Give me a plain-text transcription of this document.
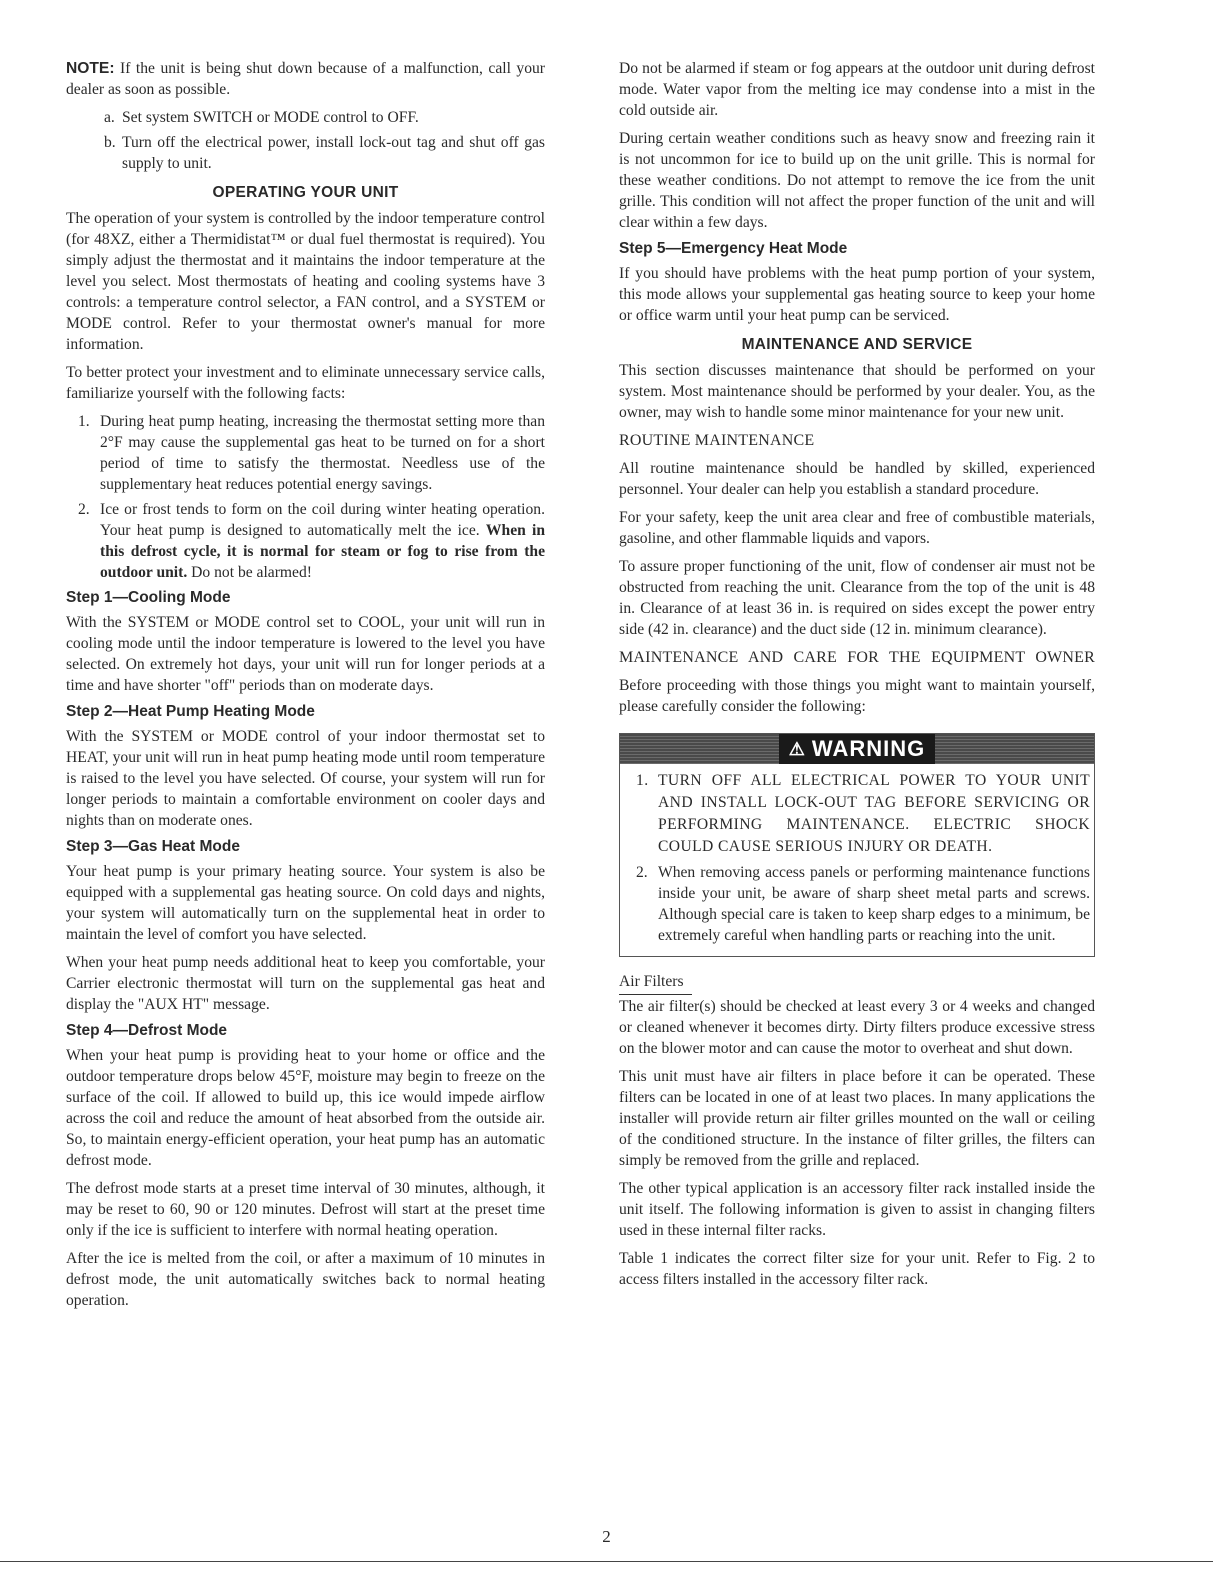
NOTE: If the unit is being shut down because of a malfunction, call your dealer as soon as possible.

a. Set system SWITCH or MODE control to OFF.
b. Turn off the electrical power, install lock-out tag and shut off gas supply to unit.
OPERATING YOUR UNIT

The operation of your system is controlled by the indoor temperature control (for 48XZ, either a Thermidistat™ or dual fuel thermostat is required). You simply adjust the thermostat and it maintains the indoor temperature at the level you select. Most thermostats of heating and cooling systems have 3 controls: a temperature control selector, a FAN control, and a SYSTEM or MODE control. Refer to your thermostat owner's manual for more information.

To better protect your investment and to eliminate unnecessary service calls, familiarize yourself with the following facts:

1. During heat pump heating, increasing the thermostat setting more than 2°F may cause the supplemental gas heat to be turned on for a short period of time to satisfy the thermostat. Needless use of the supplementary heat reduces potential energy savings.
2. Ice or frost tends to form on the coil during winter heating operation. Your heat pump is designed to automatically melt the ice. When in this defrost cycle, it is normal for steam or fog to rise from the outdoor unit. Do not be alarmed!
Step 1—Cooling Mode

With the SYSTEM or MODE control set to COOL, your unit will run in cooling mode until the indoor temperature is lowered to the level you have selected. On extremely hot days, your unit will run for longer periods at a time and have shorter "off" periods than on moderate days.

Step 2—Heat Pump Heating Mode

With the SYSTEM or MODE control of your indoor thermostat set to HEAT, your unit will run in heat pump heating mode until room temperature is raised to the level you have selected. Of course, your system will run for longer periods to maintain a comfortable environment on cooler days and nights than on moderate ones.

Step 3—Gas Heat Mode

Your heat pump is your primary heating source. Your system is also be equipped with a supplemental gas heating source. On cold days and nights, your system will automatically turn on the supplemental heat in order to maintain the level of comfort you have selected.

When your heat pump needs additional heat to keep you comfortable, your Carrier electronic thermostat will turn on the supplemental gas heat and display the "AUX HT" message.

Step 4—Defrost Mode

When your heat pump is providing heat to your home or office and the outdoor temperature drops below 45°F, moisture may begin to freeze on the surface of the coil. If allowed to build up, this ice would impede airflow across the coil and reduce the amount of heat absorbed from the outside air. So, to maintain energy-efficient operation, your heat pump has an automatic defrost mode.

The defrost mode starts at a preset time interval of 30 minutes, although, it may be reset to 60, 90 or 120 minutes. Defrost will start at the preset time only if the ice is sufficient to interfere with normal heating operation.

After the ice is melted from the coil, or after a maximum of 10 minutes in defrost mode, the unit automatically switches back to normal heating operation.

Do not be alarmed if steam or fog appears at the outdoor unit during defrost mode. Water vapor from the melting ice may condense into a mist in the cold outside air.

During certain weather conditions such as heavy snow and freezing rain it is not uncommon for ice to build up on the unit grille. This is normal for these weather conditions. Do not attempt to remove the ice from the unit grille. This condition will not affect the proper function of the unit and will clear within a few days.

Step 5—Emergency Heat Mode

If you should have problems with the heat pump portion of your system, this mode allows your supplemental gas heating source to keep your home or office warm until your heat pump can be serviced.

MAINTENANCE AND SERVICE

This section discusses maintenance that should be performed on your system. Most maintenance should be performed by your dealer. You, as the owner, may wish to handle some minor maintenance for your new unit.

ROUTINE MAINTENANCE

All routine maintenance should be handled by skilled, experienced personnel. Your dealer can help you establish a standard procedure.

For your safety, keep the unit area clear and free of combustible materials, gasoline, and other flammable liquids and vapors.

To assure proper functioning of the unit, flow of condenser air must not be obstructed from reaching the unit. Clearance from the top of the unit is 48 in. Clearance of at least 36 in. is required on sides except the power entry side (42 in. clearance) and the duct side (12 in. minimum clearance).

MAINTENANCE AND CARE FOR THE EQUIPMENT OWNER

Before proceeding with those things you might want to maintain yourself, please carefully consider the following:

⚠ WARNING
1. TURN OFF ALL ELECTRICAL POWER TO YOUR UNIT AND INSTALL LOCK-OUT TAG BEFORE SERVICING OR PERFORMING MAINTENANCE. ELECTRIC SHOCK COULD CAUSE SERIOUS INJURY OR DEATH.
2. When removing access panels or performing maintenance functions inside your unit, be aware of sharp sheet metal parts and screws. Although special care is taken to keep sharp edges to a minimum, be extremely careful when handling parts or reaching into the unit.
Air Filters

The air filter(s) should be checked at least every 3 or 4 weeks and changed or cleaned whenever it becomes dirty. Dirty filters produce excessive stress on the blower motor and can cause the motor to overheat and shut down.

This unit must have air filters in place before it can be operated. These filters can be located in one of at least two places. In many applications the installer will provide return air filter grilles mounted on the wall or ceiling of the conditioned structure. In the instance of filter grilles, the filters can simply be removed from the grille and replaced.

The other typical application is an accessory filter rack installed inside the unit itself. The following information is given to assist in changing filters used in these internal filter racks.

Table 1 indicates the correct filter size for your unit. Refer to Fig. 2 to access filters installed in the accessory filter rack.

2
